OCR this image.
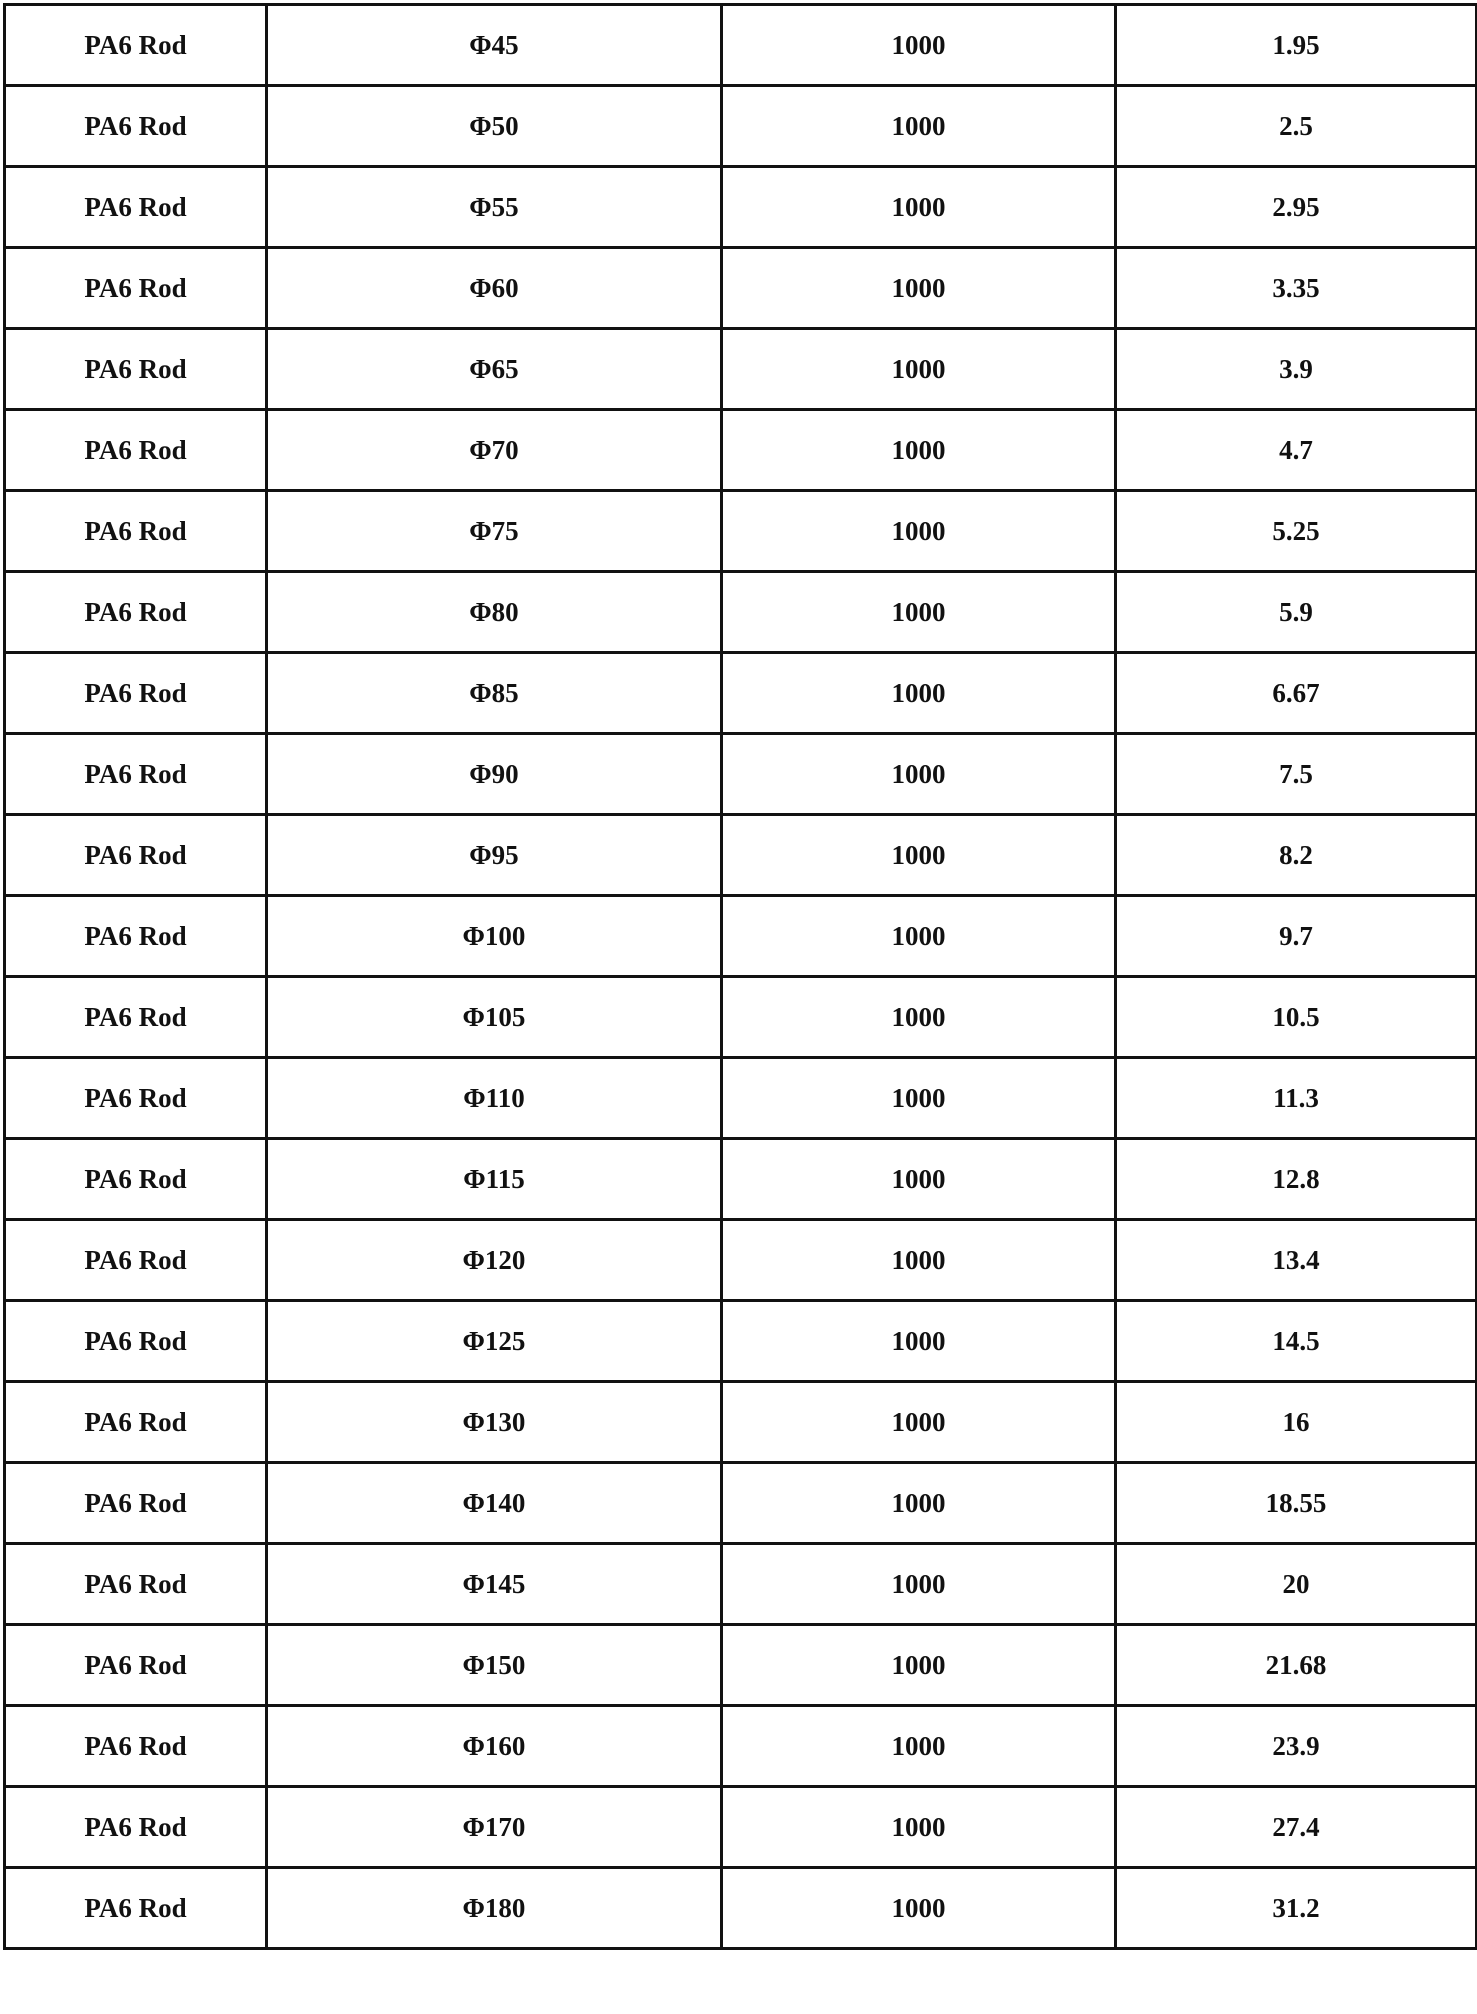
PA6 Rod	Φ45	1000	1.95
PA6 Rod	Φ50	1000	2.5
PA6 Rod	Φ55	1000	2.95
PA6 Rod	Φ60	1000	3.35
PA6 Rod	Φ65	1000	3.9
PA6 Rod	Φ70	1000	4.7
PA6 Rod	Φ75	1000	5.25
PA6 Rod	Φ80	1000	5.9
PA6 Rod	Φ85	1000	6.67
PA6 Rod	Φ90	1000	7.5
PA6 Rod	Φ95	1000	8.2
PA6 Rod	Φ100	1000	9.7
PA6 Rod	Φ105	1000	10.5
PA6 Rod	Φ110	1000	11.3
PA6 Rod	Φ115	1000	12.8
PA6 Rod	Φ120	1000	13.4
PA6 Rod	Φ125	1000	14.5
PA6 Rod	Φ130	1000	16
PA6 Rod	Φ140	1000	18.55
PA6 Rod	Φ145	1000	20
PA6 Rod	Φ150	1000	21.68
PA6 Rod	Φ160	1000	23.9
PA6 Rod	Φ170	1000	27.4
PA6 Rod	Φ180	1000	31.2
